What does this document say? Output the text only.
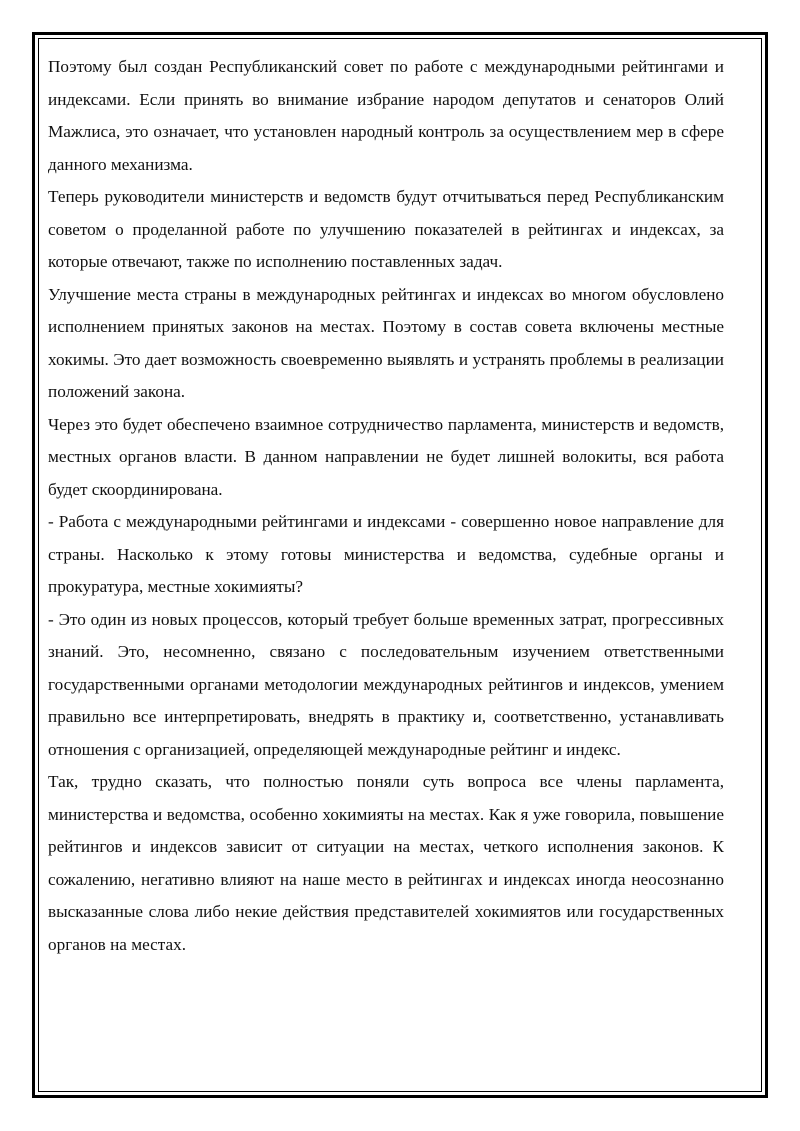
Поэтому был создан Республиканский совет по работе с международными рейтингами и индексами. Если принять во внимание избрание народом депутатов и сенаторов Олий Мажлиса, это означает, что установлен народный контроль за осуществлением мер в сфере данного механизма.

Теперь руководители министерств и ведомств будут отчитываться перед Республиканским советом о проделанной работе по улучшению показателей в рейтингах и индексах, за которые отвечают, также по исполнению поставленных задач.

Улучшение места страны в международных рейтингах и индексах во многом обусловлено исполнением принятых законов на местах. Поэтому в состав совета включены местные хокимы. Это дает возможность своевременно выявлять и устранять проблемы в реализации положений закона.

Через это будет обеспечено взаимное сотрудничество парламента, министерств и ведомств, местных органов власти. В данном направлении не будет лишней волокиты, вся работа будет скоординирована.

- Работа с международными рейтингами и индексами - совершенно новое направление для страны. Насколько к этому готовы министерства и ведомства, судебные органы и прокуратура, местные хокимияты?

- Это один из новых процессов, который требует больше временных затрат, прогрессивных знаний. Это, несомненно, связано с последовательным изучением ответственными государственными органами методологии международных рейтингов и индексов, умением правильно все интерпретировать, внедрять в практику и, соответственно, устанавливать отношения с организацией, определяющей международные рейтинг и индекс.

Так, трудно сказать, что полностью поняли суть вопроса все члены парламента, министерства и ведомства, особенно хокимияты на местах. Как я уже говорила, повышение рейтингов и индексов зависит от ситуации на местах, четкого исполнения законов. К сожалению, негативно влияют на наше место в рейтингах и индексах иногда неосознанно высказанные слова либо некие действия представителей хокимиятов или государственных органов на местах.
